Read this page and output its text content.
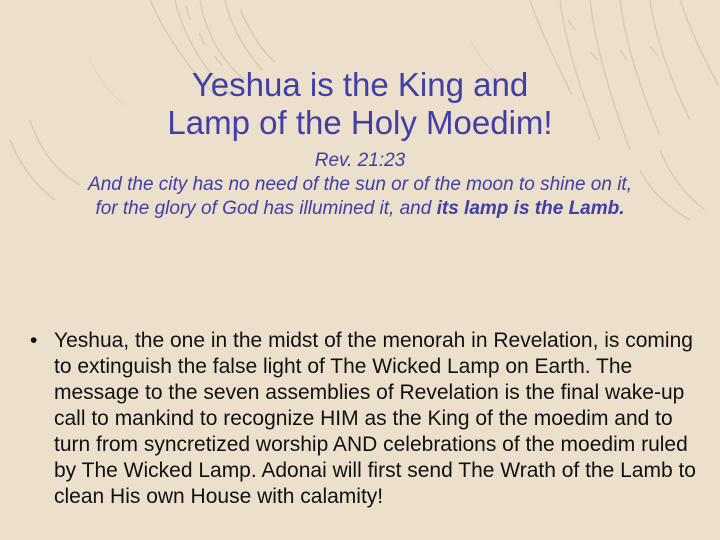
Yeshua is the King and
Lamp of the Holy Moedim!
Rev. 21:23
And the city has no need of the sun or of the moon to shine on it,
for the glory of God has illumined it, and its lamp is the Lamb.
• Yeshua, the one in the midst of the menorah in Revelation, is coming to extinguish the false light of The Wicked Lamp on Earth. The message to the seven assemblies of Revelation is the final wake-up call to mankind to recognize HIM as the King of the moedim and to turn from syncretized worship AND celebrations of the moedim ruled by The Wicked Lamp. Adonai will first send The Wrath of the Lamb to clean His own House with calamity!
